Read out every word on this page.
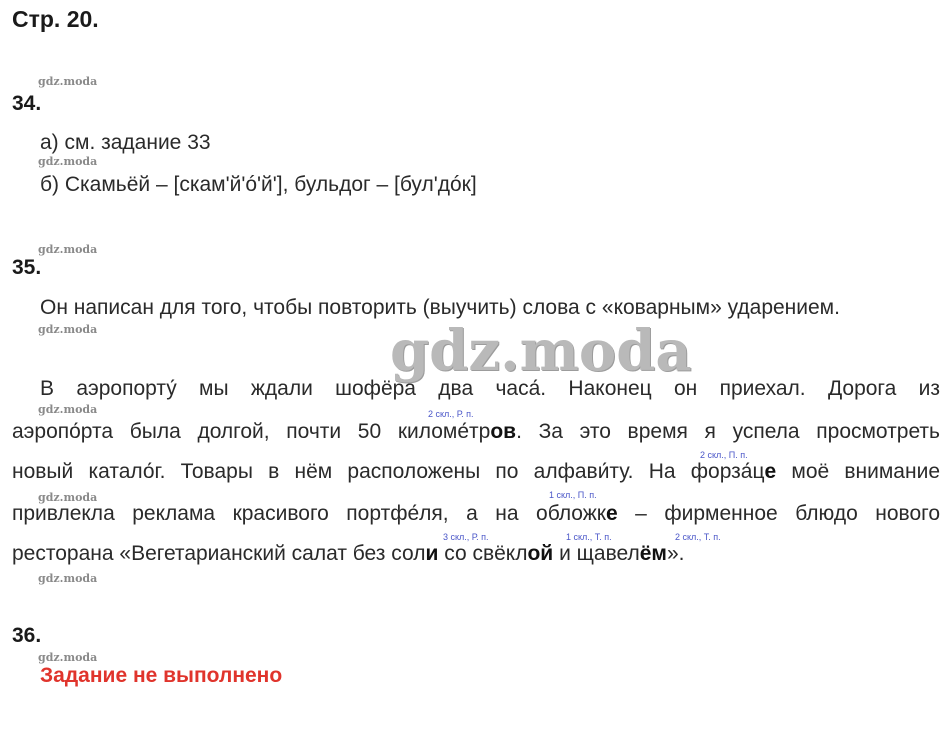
Стр. 20.
gdz.moda
34.
а) см. задание 33
gdz.moda
б) Скамьёй – [скам'й'ó'й'], бульдог – [бул'дóк]
gdz.moda
35.
Он написан для того, чтобы повторить (выучить) слова с «коварным» ударением.
gdz.moda	gdz.moda
В аэропорту́ мы ждали шофёра два часа́. Наконец он приехал. Дорога из
gdz.moda	2 скл., Р. п.
аэропо́рта была долгой, почти 50 киломе́тров. За это время я успела просмотреть
2 скл., П. п.
новый катало́г. Товары в нём расположены по алфави́ту. На форза́це моё внимание
gdz.moda	1 скл., П. п.
привлекла реклама красивого портфе́ля, а на обложке – фирменное блюдо нового
3 скл., Р. п.	1 скл., Т. п.	2 скл., Т. п.
ресторана «Вегетарианский салат без соли со свёклой и щавелём».
gdz.moda
36.
gdz.moda
Задание не выполнено
